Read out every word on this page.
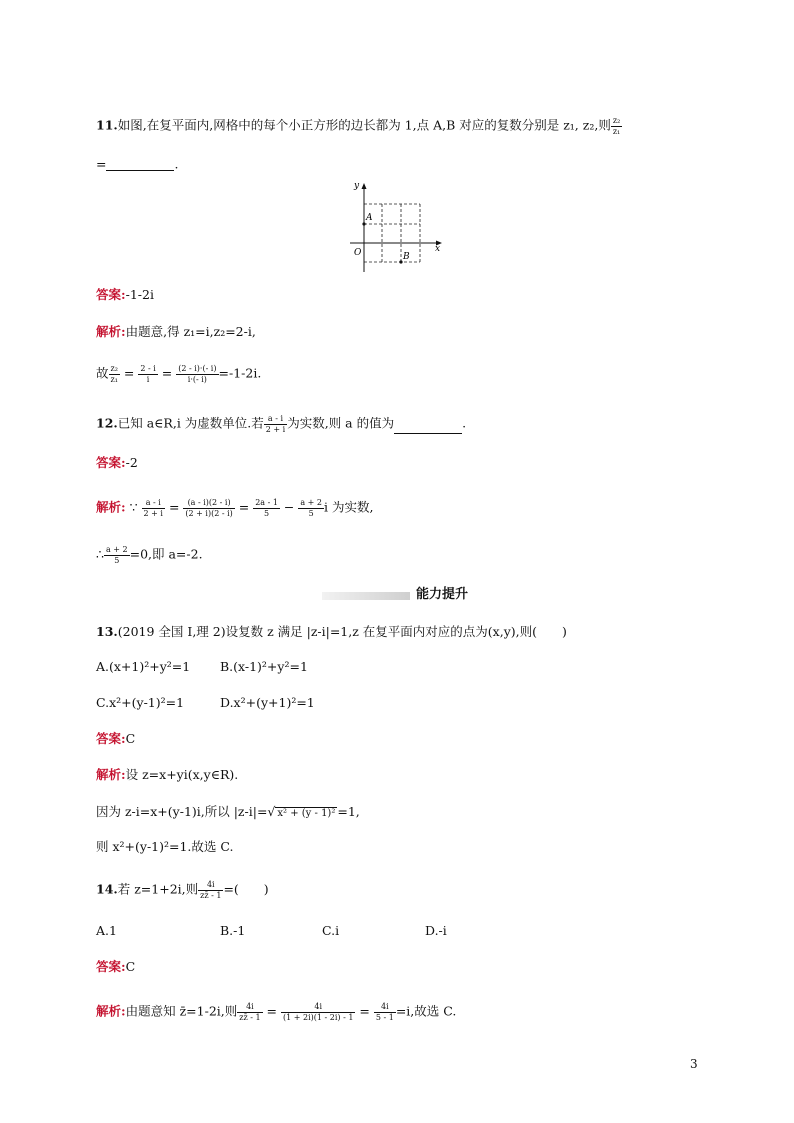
11.如图,在复平面内,网格中的每个小正方形的边长都为 1,点 A,B 对应的复数分别是 z₁, z₂,则 $\frac{\text{z₂}}{\text{z₁}}$
=	.
y
x
O
A
B
答案:-1-2i
解析:由题意,得 z₁=i,z₂=2-i,
故 $\frac{\text{z₂}}{\text{z₁}} = \frac{2 - i}{i} = \frac{(2 - i)\cdot(- i)}{i\cdot(- i)} =-1-2i$.
12.已知 a∈R,i 为虚数单位.若 $\frac{a - i}{2 + i}$ 为实数,则 a 的值为	.
答案:-2
解析: ∵ $\frac{a - i}{2 + i} = \frac{(a - i)(2 - i)}{(2 + i)(2 - i)} = \frac{2a - 1}{5} - \frac{a + 2}{5}$ i 为实数,
∴ $\frac{a + 2}{5} =0$,即 a=-2.
能力提升
13.(2019 全国 Ⅰ,理 2)设复数 z 满足 |z-i|=1,z 在复平面内对应的点为(x,y),则(　　)
A.(x+1)²+y²=1 B.(x-1)²+y²=1
C.x²+(y-1)²=1	D.x²+(y+1)²=1
答案:C
解析:设 z=x+yi(x,y∈R).
因为 z-i=x+(y-1)i,所以 |z-i|=√ x² + (y - 1)² =1,
则 x²+(y-1)²=1.故选 C.
14.若 z=1+2i,则 $\frac{4i}{zz̄ - 1}$ =(　　)
A.1	B.-1	C.i	D.-i
答案:C
解析:由题意知 z̄=1-2i,则 $\frac{4i}{zz̄ - 1} = \frac{4i}{(1 + 2i)(1 - 2i) - 1} = \frac{4i}{5 - 1} =i$,故选 C.
3
